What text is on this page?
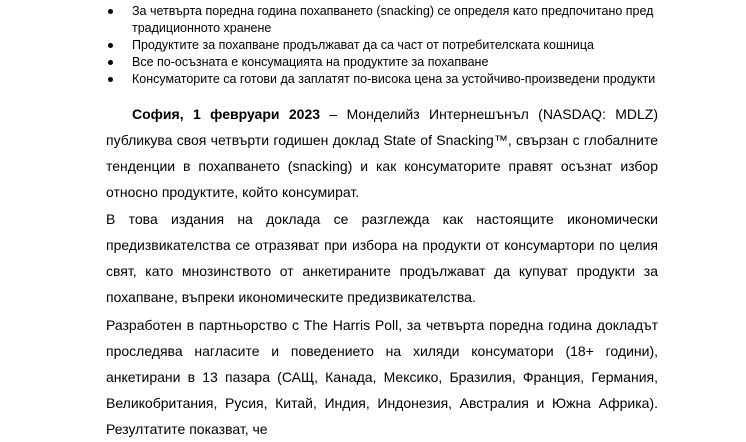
За четвърта поредна година похапването (snacking) се определя като предпочитано пред традиционното хранене
Продуктите за похапване продължават да са част от потребителската кошница
Все по-осъзната е консумацията на продуктите за похапване
Консуматорите са готови да заплатят по-висока цена за устойчиво-произведени продукти

София, 1 февруари 2023 – Монделийз Интернешънъл (NASDAQ: MDLZ) публикува своя четвърти годишен доклад State of Snacking™, свързан с глобалните тенденции в похапването (snacking) и как консуматорите правят осъзнат избор относно продуктите, който консумират.

В това издания на доклада се разглежда как настоящите икономически предизвикателства се отразяват при избора на продукти от консумартори по целия свят, като мнозинството от анкетираните продължават да купуват продукти за похапване, въпреки икономическите предизвикателства.

Разработен в партньорство с The Harris Poll, за четвърта поредна година докладът проследява нагласите и поведението на хиляди консуматори (18+ години), анкетирани в 13 пазара (САЩ, Канада, Мексико, Бразилия, Франция, Германия, Великобритания, Русия, Китай, Индия, Индонезия, Австралия и Южна Африка). Резултатите показват, че
